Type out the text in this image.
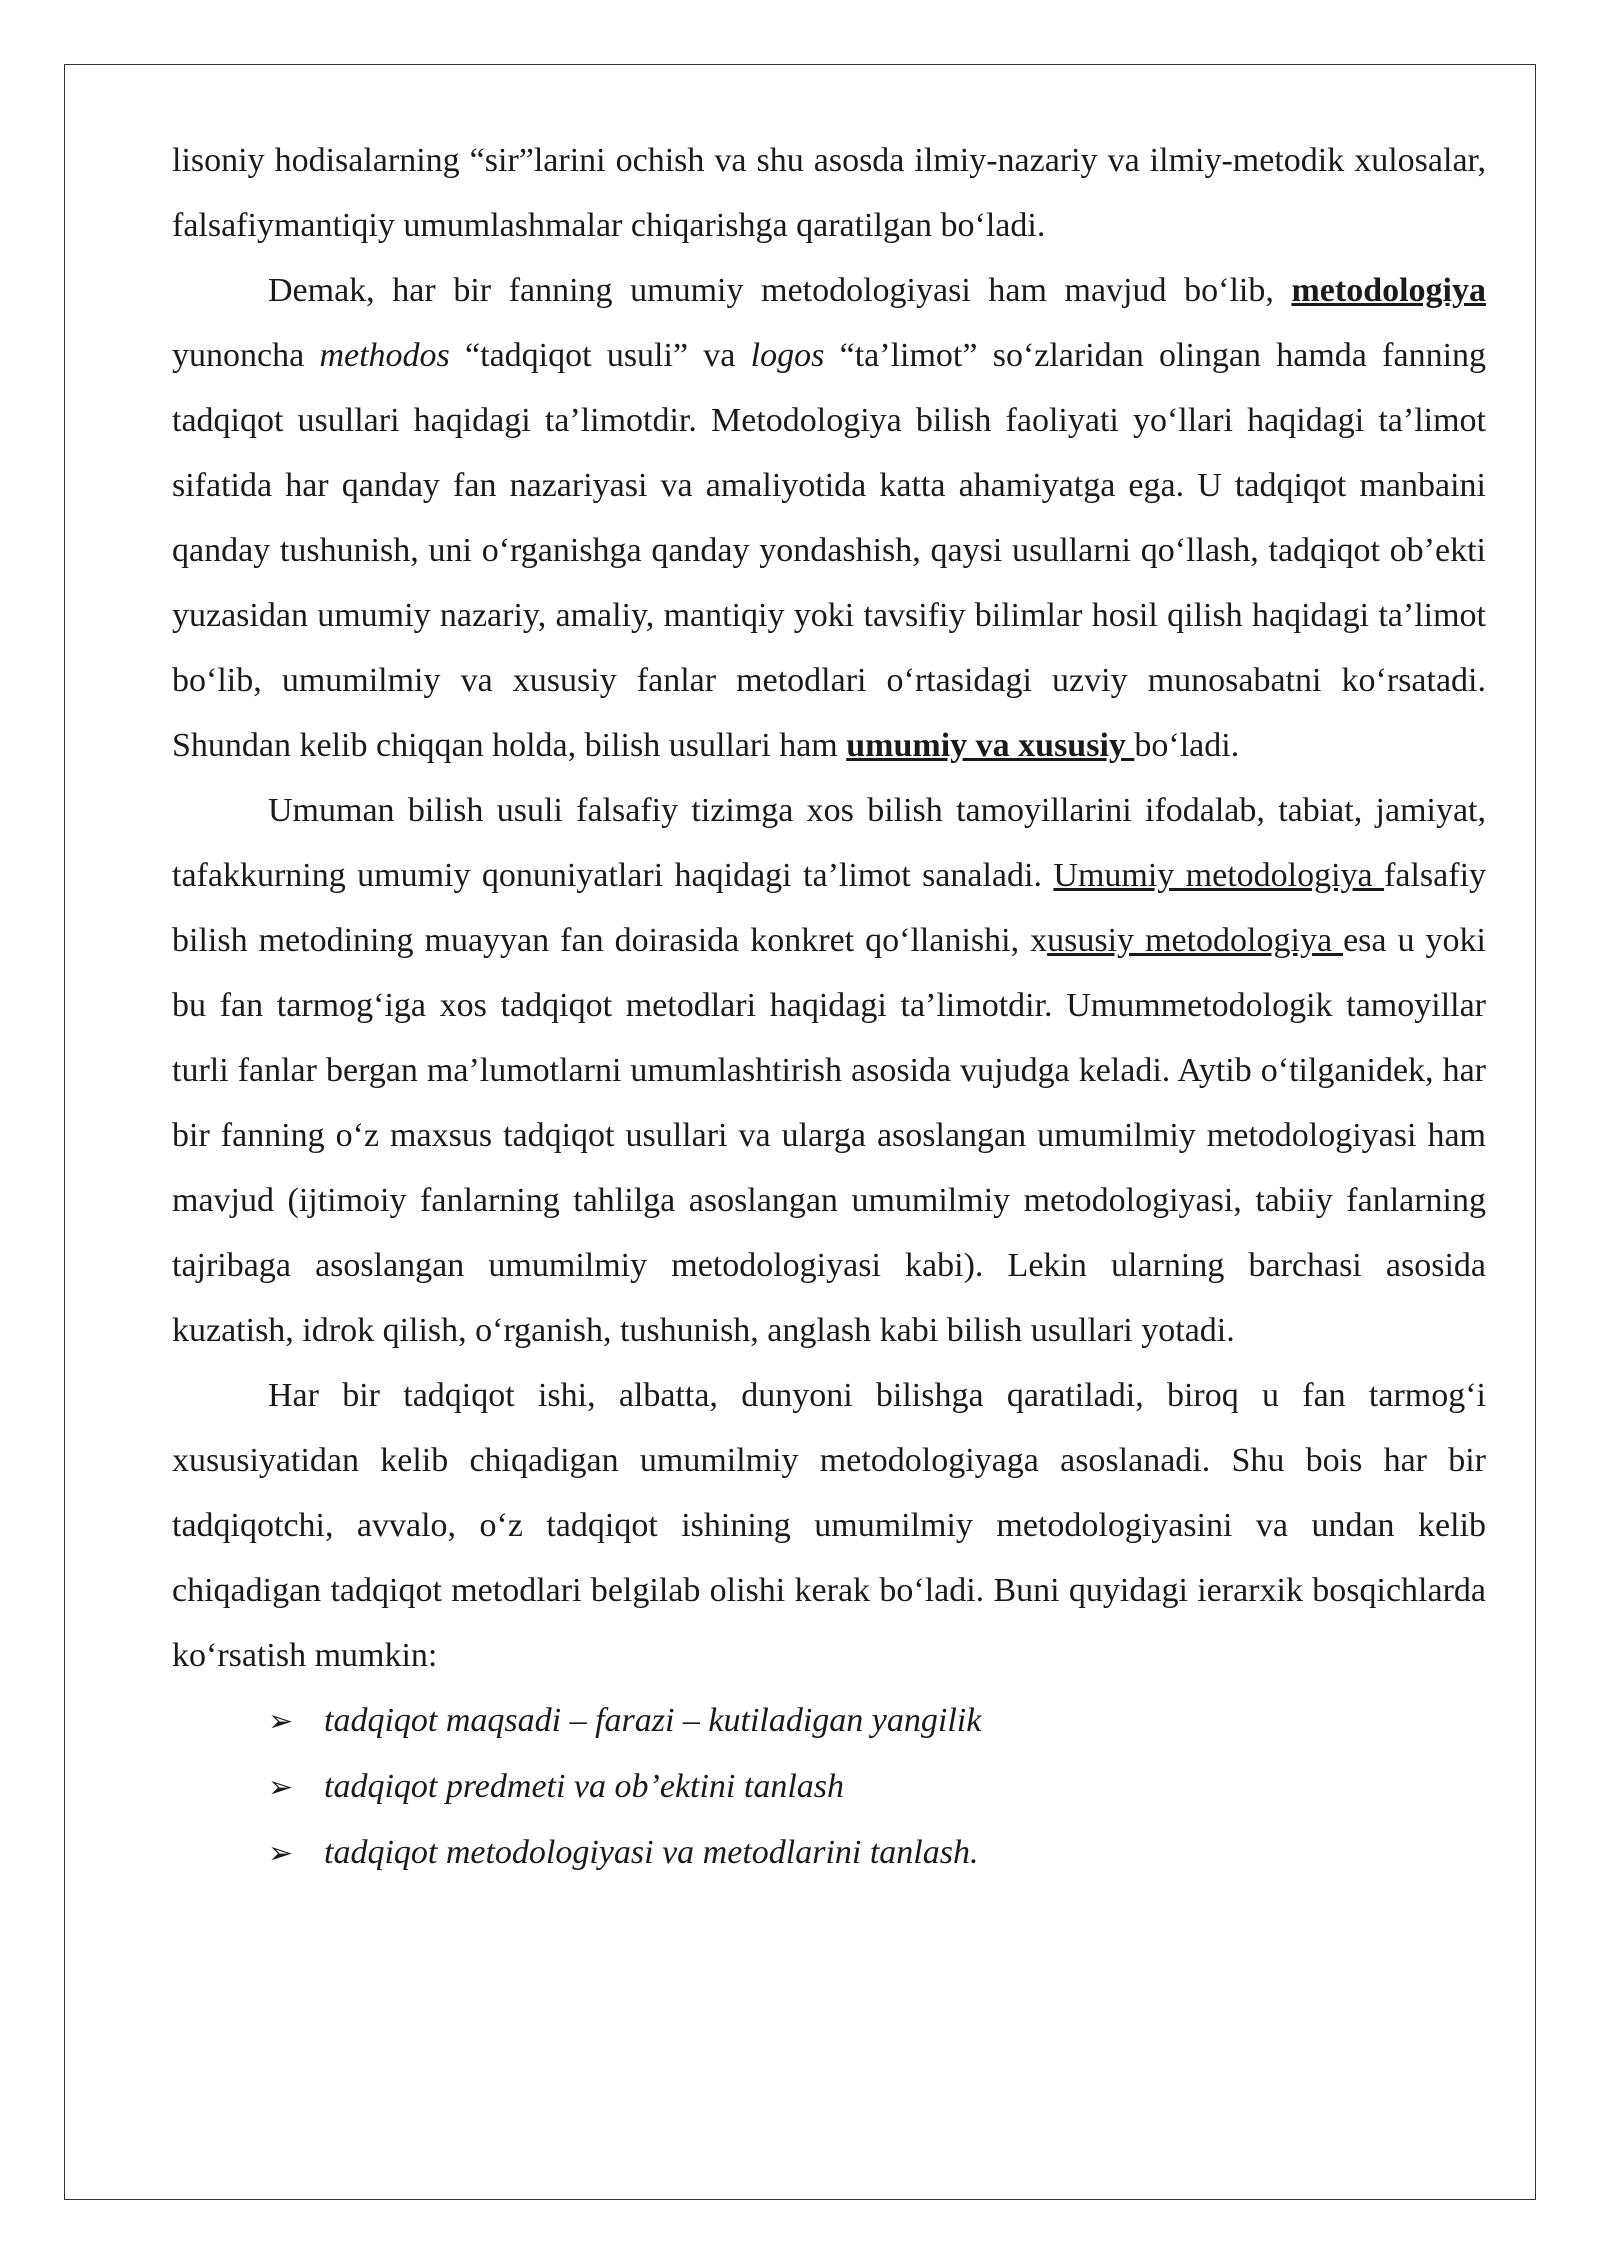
lisoniy hodisalarning “sir”larini ochish va shu asosda ilmiy-nazariy va ilmiy-metodik xulosalar, falsafiymantiqiy umumlashmalar chiqarishga qaratilgan bo‘ladi.

Demak, har bir fanning umumiy metodologiyasi ham mavjud bo‘lib, metodologiya yunoncha methodos “tadqiqot usuli” va logos “ta’limot” so‘zlaridan olingan hamda fanning tadqiqot usullari haqidagi ta’limotdir. Metodologiya bilish faoliyati yo‘llari haqidagi ta’limot sifatida har qanday fan nazariyasi va amaliyotida katta ahamiyatga ega. U tadqiqot manbaini qanday tushunish, uni o‘rganishga qanday yondashish, qaysi usullarni qo‘llash, tadqiqot ob’ekti yuzasidan umumiy nazariy, amaliy, mantiqiy yoki tavsifiy bilimlar hosil qilish haqidagi ta’limot bo‘lib, umumilmiy va xususiy fanlar metodlari o‘rtasidagi uzviy munosabatni ko‘rsatadi. Shundan kelib chiqqan holda, bilish usullari ham umumiy va xususiy bo‘ladi.

Umuman bilish usuli falsafiy tizimga xos bilish tamoyillarini ifodalab, tabiat, jamiyat, tafakkurning umumiy qonuniyatlari haqidagi ta’limot sanaladi. Umumiy metodologiya falsafiy bilish metodining muayyan fan doirasida konkret qo‘llanishi, xususiy metodologiya esa u yoki bu fan tarmog‘iga xos tadqiqot metodlari haqidagi ta’limotdir. Umummetodologik tamoyillar turli fanlar bergan ma’lumotlarni umumlashtirish asosida vujudga keladi. Aytib o‘tilganidek, har bir fanning o‘z maxsus tadqiqot usullari va ularga asoslangan umumilmiy metodologiyasi ham mavjud (ijtimoiy fanlarning tahlilga asoslangan umumilmiy metodologiyasi, tabiiy fanlarning tajribaga asoslangan umumilmiy metodologiyasi kabi). Lekin ularning barchasi asosida kuzatish, idrok qilish, o‘rganish, tushunish, anglash kabi bilish usullari yotadi.

Har bir tadqiqot ishi, albatta, dunyoni bilishga qaratiladi, biroq u fan tarmog‘i xususiyatidan kelib chiqadigan umumilmiy metodologiyaga asoslanadi. Shu bois har bir tadqiqotchi, avvalo, o‘z tadqiqot ishining umumilmiy metodologiyasini va undan kelib chiqadigan tadqiqot metodlari belgilab olishi kerak bo‘ladi. Buni quyidagi ierarxik bosqichlarda ko‘rsatish mumkin:

➢ tadqiqot maqsadi – farazi – kutiladigan yangilik
➢ tadqiqot predmeti va ob’ektini tanlash
➢ tadqiqot metodologiyasi va metodlarini tanlash.
